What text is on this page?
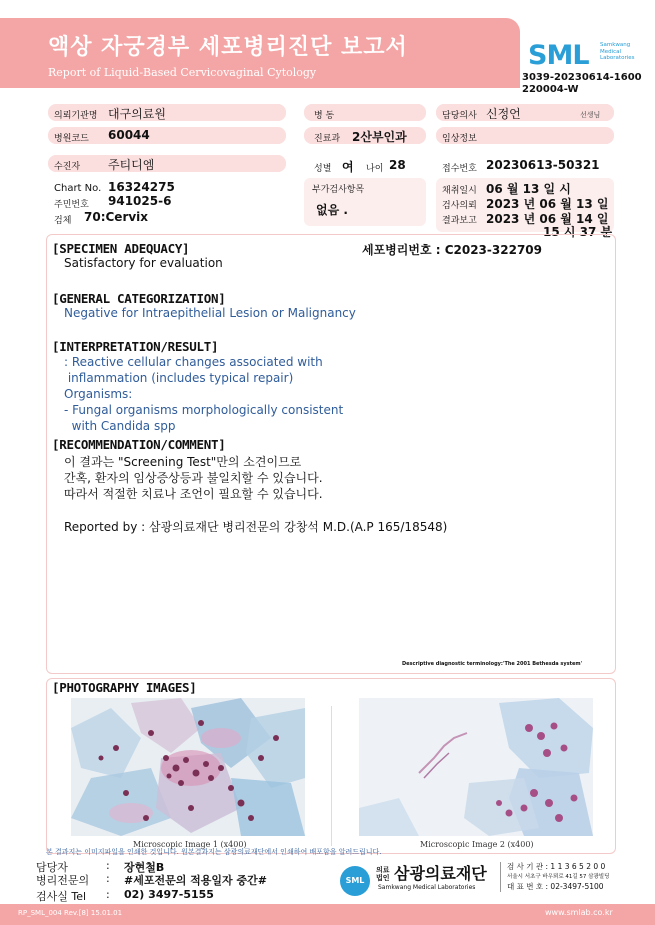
액상 자궁경부 세포병리진단 보고서
Report of Liquid-Based Cervicovaginal Cytology
SML Samkwang
Medical
Laboratories
3039-20230614-1600
220004-W
의뢰기관명 대구의료원	병 동	담당의사 신정언	선생님
병원코드 60044	진료과 2산부인과	임상정보
수진자 주티디엠	성별 여 나이 28	접수번호 20230613-50321
Chart No. 16324275
주민번호 941025-6
검체 70:Cervix
부가검사항목
없음 .
채취일시 06 월 13 일 시
검사의뢰 2023 년 06 월 13 일
결과보고 2023 년 06 월 14 일
15 시 37 분
[SPECIMEN ADEQUACY]	세포병리번호 : C2023-322709
Satisfactory for evaluation
[GENERAL CATEGORIZATION]
Negative for Intraepithelial Lesion or Malignancy
[INTERPRETATION/RESULT]
: Reactive cellular changes associated with
inflammation (includes typical repair)
Organisms:
- Fungal organisms morphologically consistent
with Candida spp
[RECOMMENDATION/COMMENT]
이 결과는 "Screening Test"만의 소견이므로
간혹, 환자의 임상증상등과 불일치할 수 있습니다.
따라서 적절한 치료나 조언이 필요할 수 있습니다.
Reported by : 삼광의료재단 병리전문의 강창석 M.D.(A.P 165/18548)
Descriptive diagnostic terminology:'The 2001 Bethesda system'
[PHOTOGRAPHY IMAGES]
Microscopic Image 1 (x400)	Microscopic Image 2 (x400)
본 결과지는 이미지파일을 인쇄한 것입니다. 원본결과지는 삼광의료재단에서 인쇄하여 배포함을 알려드립니다.
담당자	: 장현철B
병리전문의 : #세포전문의 적용일자 중간#
검사실 Tel : 02) 3497-5155
SML
의료
법인 삼광의료재단
Samkwang Medical Laboratories
검 사 기 관 : 1 1 3 6 5 2 0 0
서울시 서초구 바우뫼로 41길 57 삼광빌딩
대 표 번 호 : 02-3497-5100
RP_SML_004 Rev.[8] 15.01.01	www.smlab.co.kr
